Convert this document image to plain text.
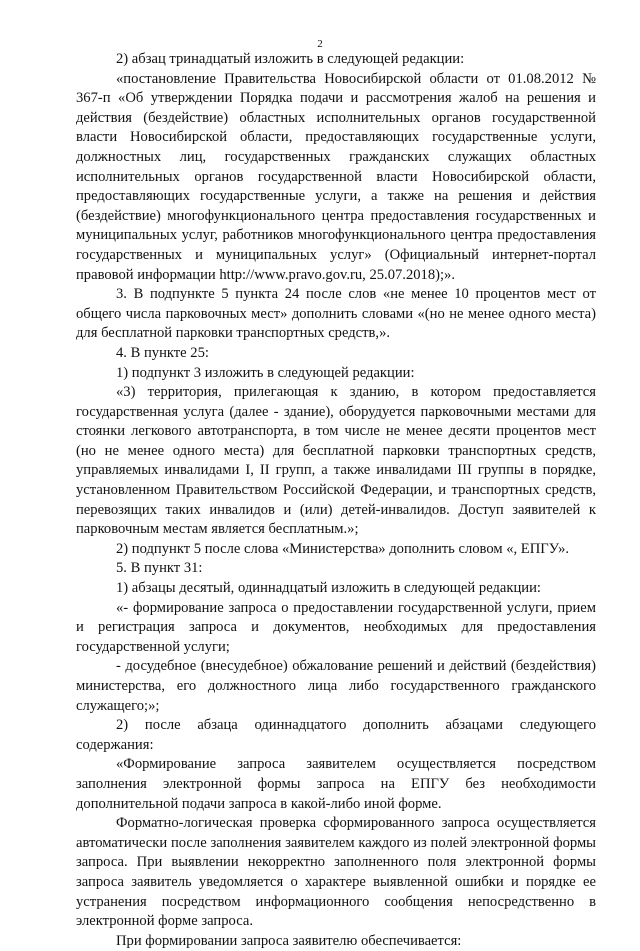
2

2) абзац тринадцатый изложить в следующей редакции:

«постановление Правительства Новосибирской области от 01.08.2012 № 367-п «Об утверждении Порядка подачи и рассмотрения жалоб на решения и действия (бездействие) областных исполнительных органов государственной власти Новосибирской области, предоставляющих государственные услуги, должностных лиц, государственных гражданских служащих областных исполнительных органов государственной власти Новосибирской области, предоставляющих государственные услуги, а также на решения и действия (бездействие) многофункционального центра предоставления государственных и муниципальных услуг, работников многофункционального центра предоставления государственных и муниципальных услуг» (Официальный интернет-портал правовой информации http://www.pravo.gov.ru, 25.07.2018);».

3. В подпункте 5 пункта 24 после слов «не менее 10 процентов мест от общего числа парковочных мест» дополнить словами «(но не менее одного места) для бесплатной парковки транспортных средств,».

4. В пункте 25:

1) подпункт 3 изложить в следующей редакции:

«3) территория, прилегающая к зданию, в котором предоставляется государственная услуга (далее - здание), оборудуется парковочными местами для стоянки легкового автотранспорта, в том числе не менее десяти процентов мест (но не менее одного места) для бесплатной парковки транспортных средств, управляемых инвалидами I, II групп, а также инвалидами III группы в порядке, установленном Правительством Российской Федерации, и транспортных средств, перевозящих таких инвалидов и (или) детей-инвалидов. Доступ заявителей к парковочным местам является бесплатным.»;

2) подпункт 5 после слова «Министерства» дополнить словом «, ЕПГУ».

5. В пункт 31:

1) абзацы десятый, одиннадцатый изложить в следующей редакции:

«- формирование запроса о предоставлении государственной услуги, прием и регистрация запроса и документов, необходимых для предоставления государственной услуги;

- досудебное (внесудебное) обжалование решений и действий (бездействия) министерства, его должностного лица либо государственного гражданского служащего;»;

2) после абзаца одиннадцатого дополнить абзацами следующего содержания:

«Формирование запроса заявителем осуществляется посредством заполнения электронной формы запроса на ЕПГУ без необходимости дополнительной подачи запроса в какой-либо иной форме.

Форматно-логическая проверка сформированного запроса осуществляется автоматически после заполнения заявителем каждого из полей электронной формы запроса. При выявлении некорректно заполненного поля электронной формы запроса заявитель уведомляется о характере выявленной ошибки и порядке ее устранения посредством информационного сообщения непосредственно в электронной форме запроса.

При формировании запроса заявителю обеспечивается:
